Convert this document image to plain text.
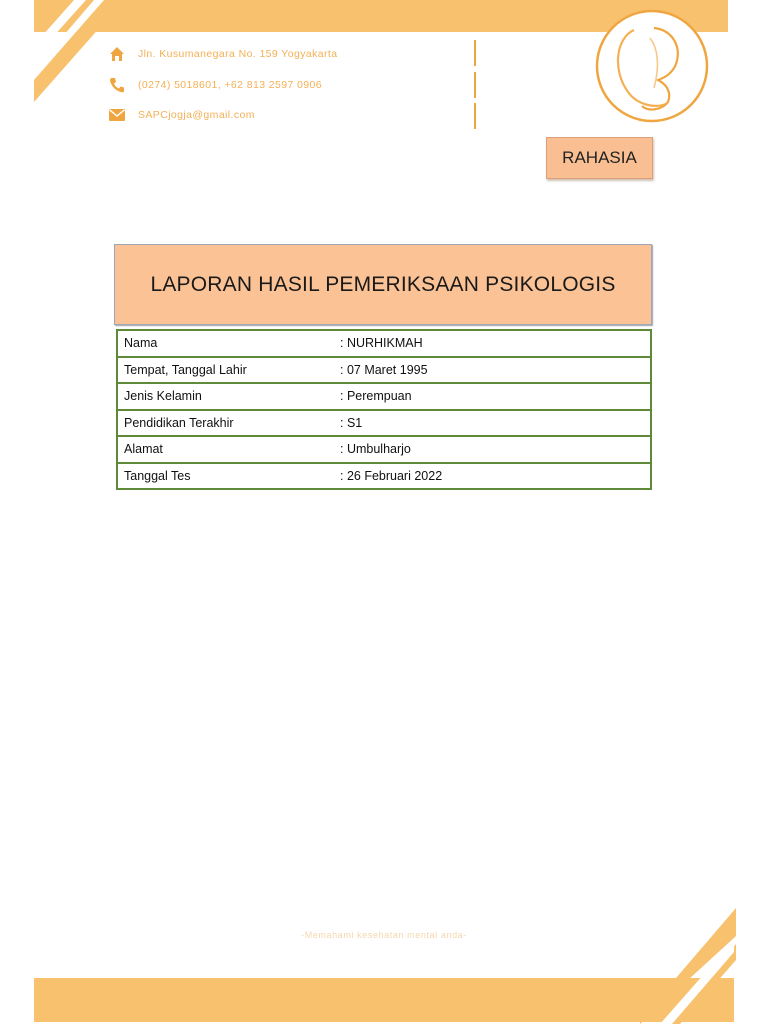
Jln. Kusumanegara No. 159 Yogyakarta
(0274) 5018601, +62 813 2597 0906
SAPCjogja@gmail.com
RAHASIA
LAPORAN HASIL PEMERIKSAAN PSIKOLOGIS
Nama	: NURHIKMAH
Tempat, Tanggal Lahir	: 07 Maret 1995
Jenis Kelamin	: Perempuan
Pendidikan Terakhir	: S1
Alamat	: Umbulharjo
Tanggal Tes	: 26 Februari 2022
-Memahami kesehatan mental anda-
